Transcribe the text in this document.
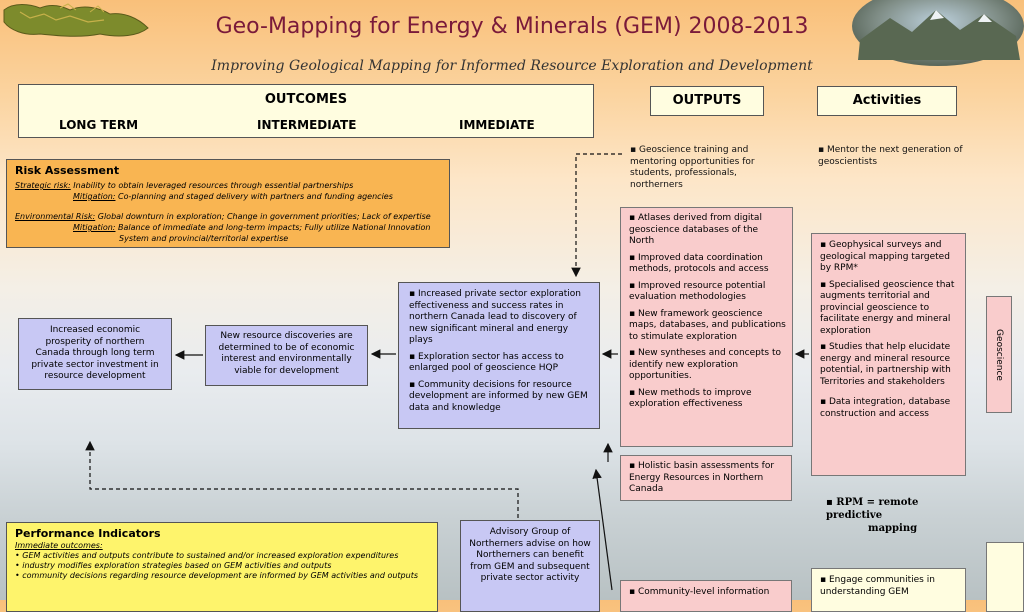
Geo-Mapping for Energy & Minerals (GEM) 2008-2013
Improving Geological Mapping for Informed Resource Exploration and Development
OUTCOMES
LONG TERM	INTERMEDIATE	IMMEDIATE
OUTPUTS	Activities
Risk Assessment

Strategic risk: Inability to obtain leveraged resources through essential partnerships

Mitigation: Co-planning and staged delivery with partners and funding agencies

Environmental Risk: Global downturn in exploration; Change in government priorities; Lack of expertise

Mitigation: Balance of immediate and long-term impacts; Fully utilize National Innovation

System and provincial/territorial expertise

Increased economic prosperity of northern Canada through long term private sector investment in resource development
New resource discoveries are determined to be of economic interest and environmentally viable for development

▪ Increased private sector exploration effectiveness and success rates in northern Canada lead to discovery of new significant mineral and energy plays

▪ Exploration sector has access to enlarged pool of geoscience HQP

▪ Community decisions for resource development are informed by new GEM data and knowledge

▪ Geoscience training and mentoring opportunities for students, professionals, northerners
▪ Mentor the next generation of geoscientists

▪ Atlases derived from digital geoscience databases of the North

▪ Improved data coordination methods, protocols and access

▪ Improved resource potential evaluation methodologies

▪ New framework geoscience maps, databases, and publications to stimulate exploration

▪ New syntheses and concepts to identify new exploration opportunities.

▪ New methods to improve exploration effectiveness

▪ Holistic basin assessments for Energy Resources in Northern Canada

▪ Geophysical surveys and geological mapping targeted by RPM*

▪ Specialised geoscience that augments territorial and provincial geoscience to facilitate energy and mineral exploration

▪ Studies that help elucidate energy and mineral resource potential, in partnership with Territories and stakeholders

▪ Data integration, database construction and access

Geoscience
▪ RPM = remote predictive
mapping
Advisory Group of Northerners advise on how Northerners can benefit from GEM and subsequent private sector activity
▪ Community-level information
▪ Engage communities in understanding GEM

Performance Indicators

Immediate outcomes:

• GEM activities and outputs contribute to sustained and/or increased exploration expenditures

• industry modifies exploration strategies based on GEM activities and outputs

• community decisions regarding resource development are informed by GEM activities and outputs
